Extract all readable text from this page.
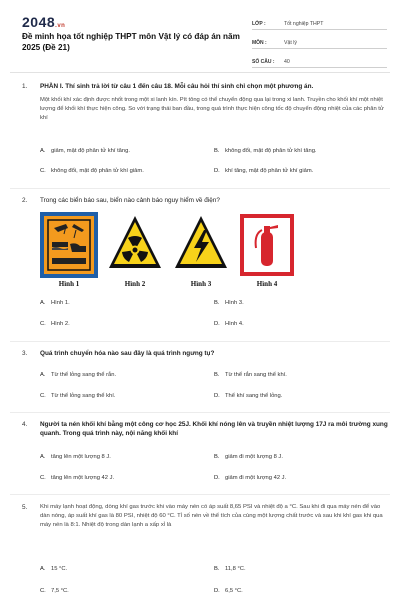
2048.vn
Đề minh họa tốt nghiệp THPT môn Vật lý có đáp án năm 2025 (Đề 21)
LỚP :	Tốt nghiệp THPT
MÔN :	Vật lý
SỐ CÂU :	40
1.	PHẦN I. Thí sinh trả lời từ câu 1 đến câu 18. Mỗi câu hỏi thí sinh chỉ chọn một phương án.
Một khối khí xác định được nhốt trong một xi lanh kín. Pít tông có thể chuyển động qua lại trong xi lanh. Truyền cho khối khí một nhiệt lượng để khối khí thực hiện công. So với trạng thái ban đầu, trong quá trình thực hiện công tốc độ chuyển động nhiệt của các phân tử khí
A. giảm, mật độ phân tử khí tăng.	B. không đổi, mật độ phân tử khí tăng.
C. không đổi, mật độ phân tử khí giảm.	D. khí tăng, mật độ phân tử khí giảm.
2.	Trong các biển báo sau, biển nào cảnh báo nguy hiểm về điện?
Hình 1	Hình 2	Hình 3	Hình 4
A. Hình 1.	B. Hình 3.
C. Hình 2.	D. Hình 4.
3.	Quá trình chuyển hóa nào sau đây là quá trình ngưng tụ?
A. Từ thể lỏng sang thể rắn.	B. Từ thể rắn sang thể khí.
C. Từ thể lỏng sang thể khí.	D. Thể khí sang thể lỏng.
4.	Người ta nén khối khí bằng một công cơ học 25J. Khối khí nóng lên và truyền nhiệt lượng 17J ra môi trường xung quanh. Trong quá trình này, nội năng khối khí
A. tăng lên một lượng 8 J.	B. giảm đi một lượng 8 J.
C. tăng lên một lượng 42 J.	D. giảm đi một lượng 42 J.
5.	Khi máy lạnh hoạt động, dòng khí gas trước khi vào máy nén có áp suất 8,65 PSI và nhiệt độ a °C. Sau khi đi qua máy nén để vào dàn nóng, áp suất khí gas là 80 PSI, nhiệt độ 60 °C. Tỉ số nén về thể tích của cùng một lượng chất trước và sau khi khí gas khi qua máy nén là 8:1. Nhiệt độ trong dàn lạnh a xấp xỉ là
A. 15 °C.	B. 11,8 °C.
C. 7,5 °C.	D. 6,5 °C.
